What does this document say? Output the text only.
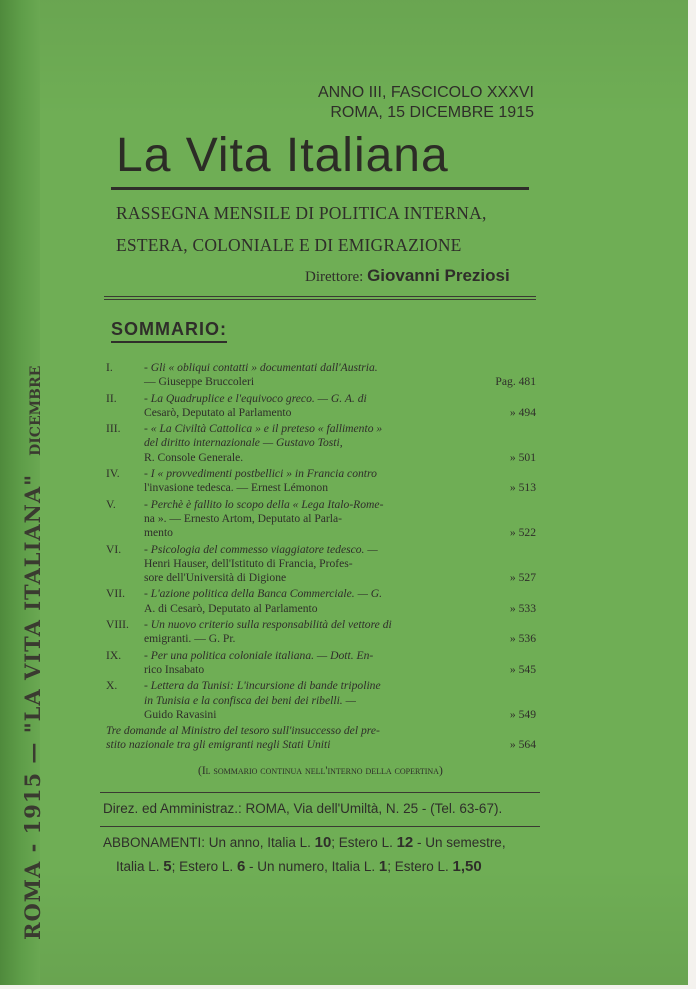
ROMA - 1915 — "LA VITA ITALIANA"DICEMBRE
ANNO III, FASCICOLO XXXVI
ROMA, 15 DICEMBRE 1915
La Vita Italiana
RASSEGNA MENSILE DI POLITICA INTERNA,
ESTERA, COLONIALE E DI EMIGRAZIONE
Direttore: Giovanni Preziosi
SOMMARIO:
I.	- Gli « obliqui contatti » documentati dall'Austria.
— Giuseppe Bruccoleri	Pag. 481
II.	- La Quadruplice e l'equivoco greco. — G. A. di
Cesarò, Deputato al Parlamento	» 494
III.	- « La Civiltà Cattolica » e il preteso « fallimento »
del diritto internazionale — Gustavo Tosti,
R. Console Generale.	» 501
IV.	- I « provvedimenti postbellici » in Francia contro
l'invasione tedesca. — Ernest Lémonon	» 513
V.	- Perchè è fallito lo scopo della « Lega Italo-Rome-
na ». — Ernesto Artom, Deputato al Parla-
mento	» 522
VI.	- Psicologia del commesso viaggiatore tedesco. —
Henri Hauser, dell'Istituto di Francia, Profes-
sore dell'Università di Digione	» 527
VII.	- L'azione politica della Banca Commerciale. — G.
A. di Cesarò, Deputato al Parlamento	» 533
VIII.	- Un nuovo criterio sulla responsabilità del vettore di
emigranti. — G. Pr.	» 536
IX.	- Per una politica coloniale italiana. — Dott. En-
rico Insabato	» 545
X.	- Lettera da Tunisi: L'incursione di bande tripoline
in Tunisia e la confisca dei beni dei ribelli. —
Guido Ravasini	» 549
Tre domande al Ministro del tesoro sull'insuccesso del pre-
stito nazionale tra gli emigranti negli Stati Uniti	» 564
(Il sommario continua nell'interno della copertina)
Direz. ed Amministraz.: ROMA, Via dell'Umiltà, N. 25 - (Tel. 63-67).
ABBONAMENTI: Un anno, Italia L. 10; Estero L. 12 - Un semestre,
Italia L. 5; Estero L. 6 - Un numero, Italia L. 1; Estero L. 1,50
